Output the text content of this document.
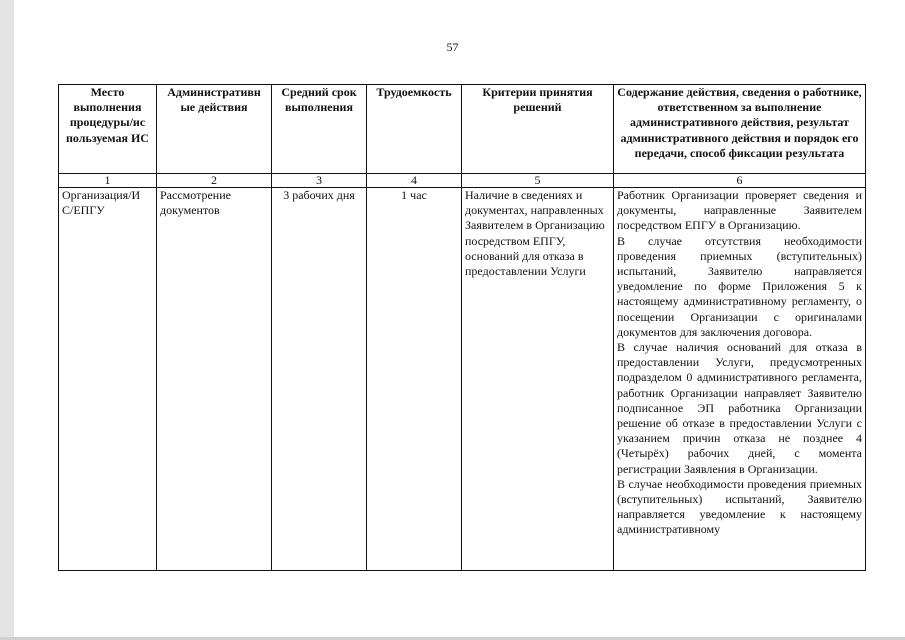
57
Место выполнения процедуры/ис пользуемая ИС	Административн ые действия	Средний срок выполнения	Трудоемкость	Критерии принятия решений	Содержание действия, сведения о работнике, ответственном за выполнение административного действия, результат административного действия и порядок его передачи, способ фиксации результата
1	2	3	4	5	6
Организация/И С/ЕПГУ	Рассмотрение документов	3 рабочих дня	1 час	Наличие в сведениях и документах, направленных Заявителем в Организацию посредством ЕПГУ, оснований для отказа в предоставлении Услуги	Работник Организации проверяет сведения и документы, направленные Заявителем посредством ЕПГУ в Организацию.
В случае отсутствия необходимости проведения приемных (вступительных) испытаний, Заявителю направляется уведомление по форме Приложения 5 к настоящему административному регламенту, о посещении Организации с оригиналами документов для заключения договора.
В случае наличия оснований для отказа в предоставлении Услуги, предусмотренных подразделом 0 административного регламента, работник Организации направляет Заявителю подписанное ЭП работника Организации решение об отказе в предоставлении Услуги с указанием причин отказа не позднее 4 (Четырёх) рабочих дней, с момента регистрации Заявления в Организации.
В случае необходимости проведения приемных (вступительных) испытаний, Заявителю направляется уведомление к настоящему административному
